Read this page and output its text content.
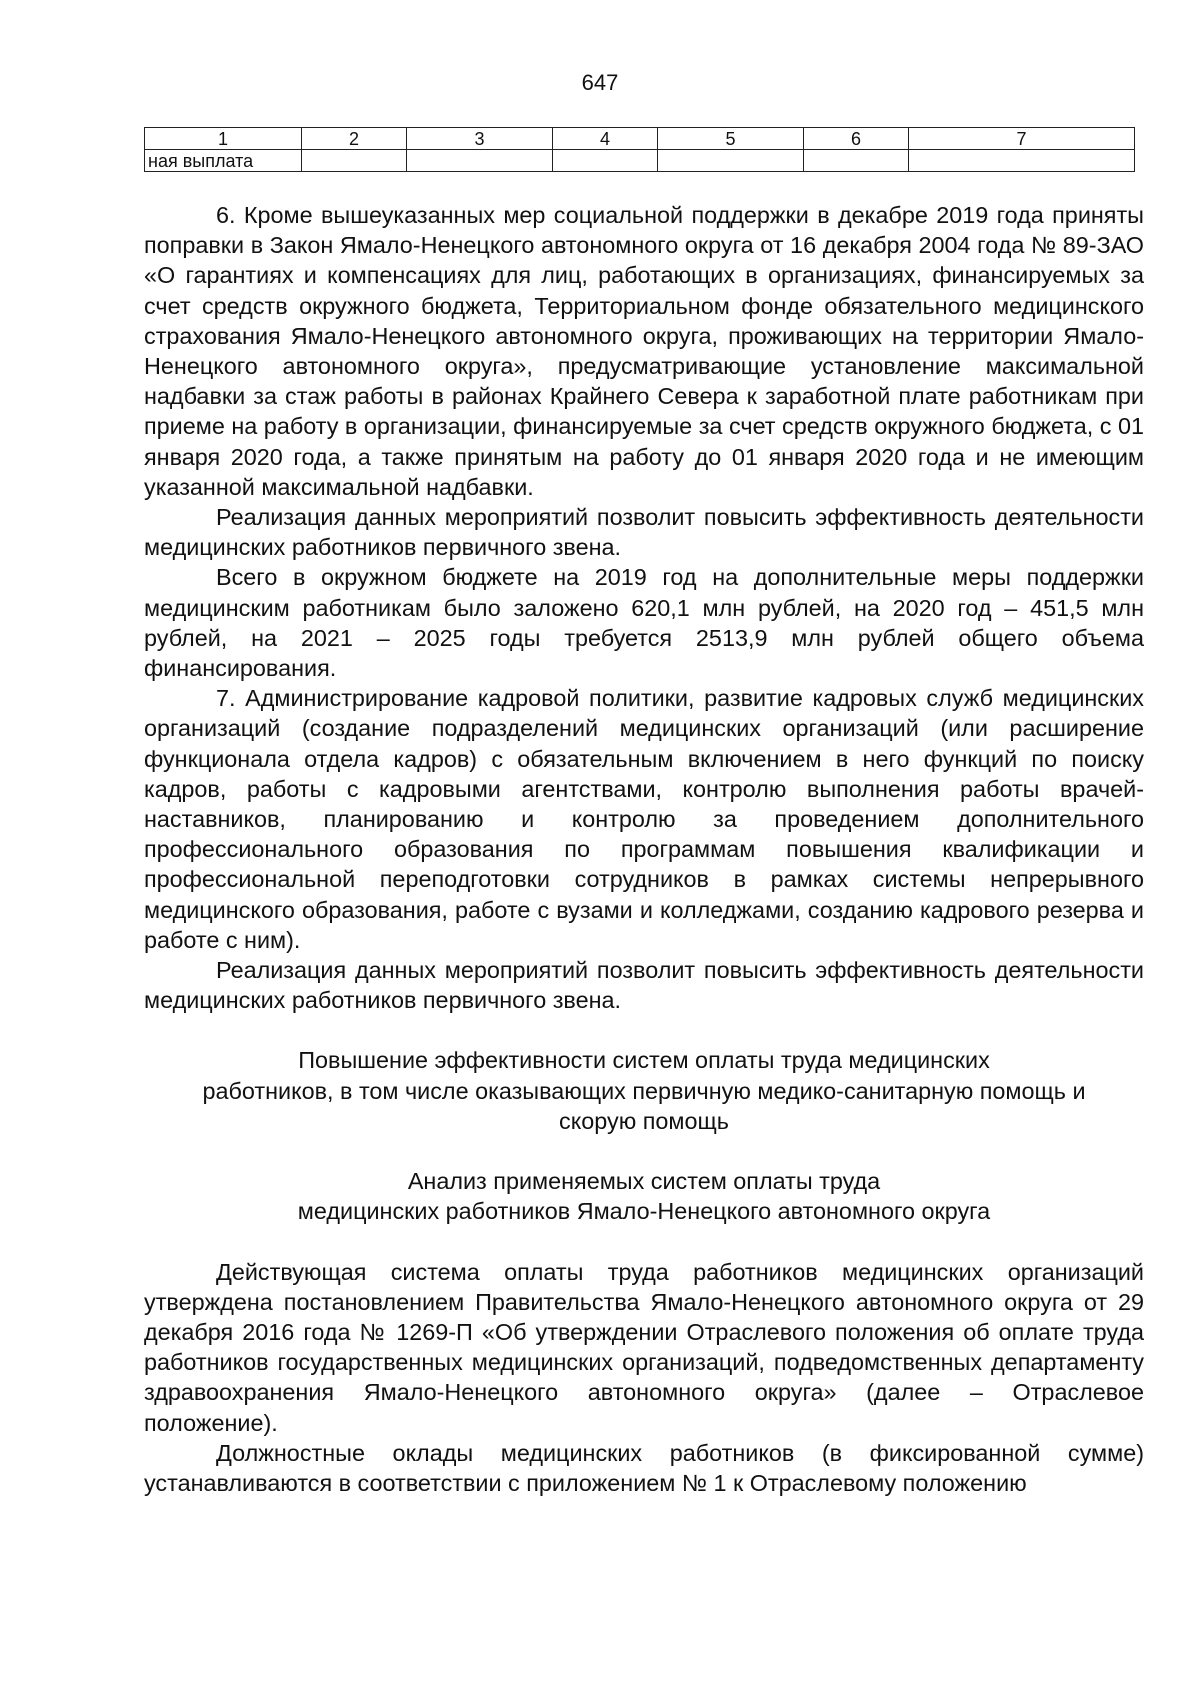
647
1	2	3	4	5	6	7
ная выплата						

6. Кроме вышеуказанных мер социальной поддержки в декабре 2019 года приняты поправки в Закон Ямало-Ненецкого автономного округа от 16 декабря 2004 года № 89-ЗАО «О гарантиях и компенсациях для лиц, работающих в организациях, финансируемых за счет средств окружного бюджета, Территориальном фонде обязательного медицинского страхования Ямало-Ненецкого автономного округа, проживающих на территории Ямало-Ненецкого автономного округа», предусматривающие установление максимальной надбавки за стаж работы в районах Крайнего Севера к заработной плате работникам при приеме на работу в организации, финансируемые за счет средств окружного бюджета, с 01 января 2020 года, а также принятым на работу до 01 января 2020 года и не имеющим указанной максимальной надбавки.

Реализация данных мероприятий позволит повысить эффективность деятельности медицинских работников первичного звена.

Всего в окружном бюджете на 2019 год на дополнительные меры поддержки медицинским работникам было заложено 620,1 млн рублей, на 2020 год – 451,5 млн рублей, на 2021 – 2025 годы требуется 2513,9 млн рублей общего объема финансирования.

7. Администрирование кадровой политики, развитие кадровых служб медицинских организаций (создание подразделений медицинских организаций (или расширение функционала отдела кадров) с обязательным включением в него функций по поиску кадров, работы с кадровыми агентствами, контролю выполнения работы врачей-наставников, планированию и контролю за проведением дополнительного профессионального образования по программам повышения квалификации и профессиональной переподготовки сотрудников в рамках системы непрерывного медицинского образования, работе с вузами и колледжами, созданию кадрового резерва и работе с ним).

Реализация данных мероприятий позволит повысить эффективность деятельности медицинских работников первичного звена.

Повышение эффективности систем оплаты труда медицинских

работников, в том числе оказывающих первичную медико-санитарную помощь и

скорую помощь

Анализ применяемых систем оплаты труда

медицинских работников Ямало-Ненецкого автономного округа

Действующая система оплаты труда работников медицинских организаций утверждена постановлением Правительства Ямало-Ненецкого автономного округа от 29 декабря 2016 года № 1269-П «Об утверждении Отраслевого положения об оплате труда работников государственных медицинских организаций, подведомственных департаменту здравоохранения Ямало-Ненецкого автономного округа» (далее – Отраслевое положение).

Должностные оклады медицинских работников (в фиксированной сумме) устанавливаются в соответствии с приложением № 1 к Отраслевому положению
